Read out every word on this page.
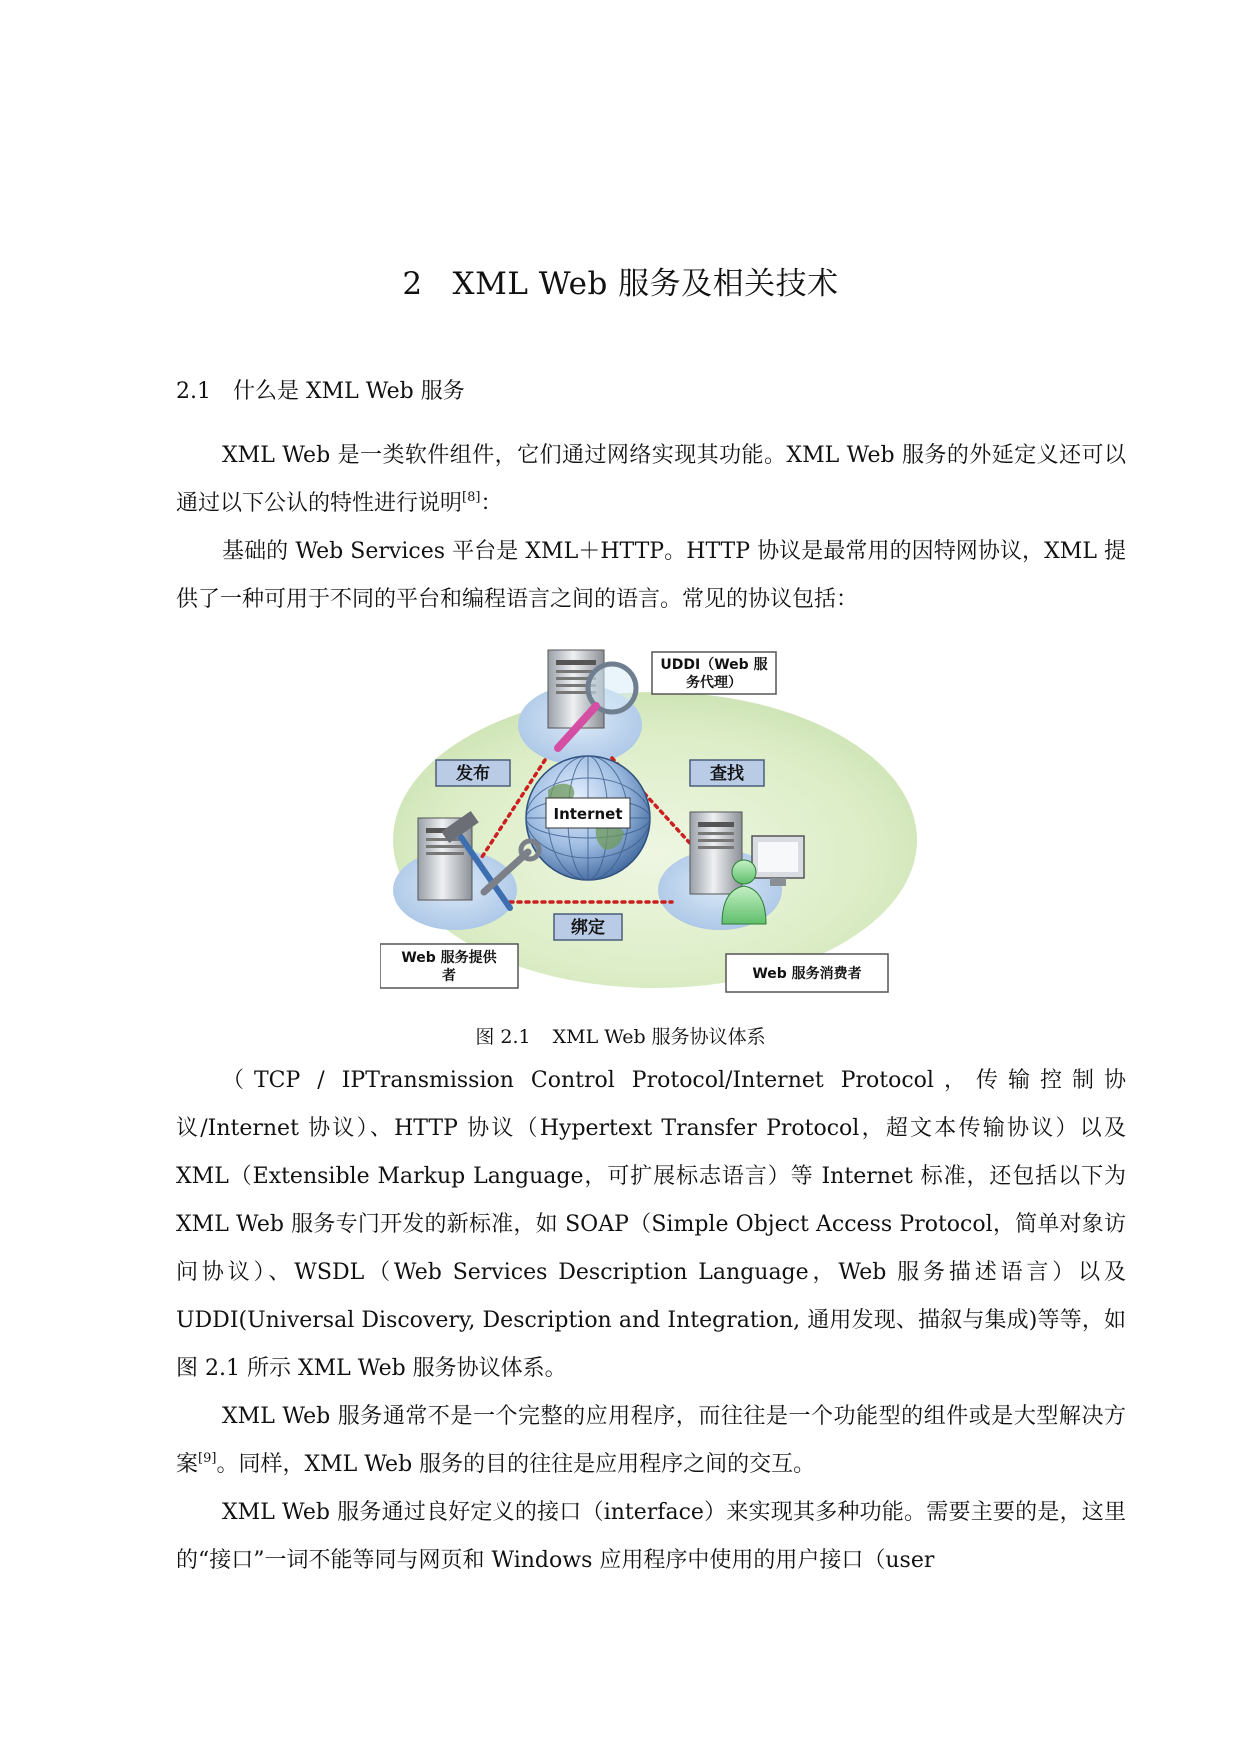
2 XML Web 服务及相关技术
2.1 什么是 XML Web 服务

XML Web 是一类软件组件，它们通过网络实现其功能。XML Web 服务的外延定义还可以通过以下公认的特性进行说明[8]：

基础的 Web Services 平台是 XML＋HTTP。HTTP 协议是最常用的因特网协议，XML 提供了一种可用于不同的平台和编程语言之间的语言。常见的协议包括：

Internet
UDDI（Web 服
务代理）
发布	查找
绑定
Web 服务提供
者	Web 服务消费者
图 2.1 XML Web 服务协议体系

（TCP / IPTransmission Control Protocol/Internet Protocol，传输控制协议/Internet 协议）、HTTP 协议（Hypertext Transfer Protocol，超文本传输协议）以及 XML（Extensible Markup Language，可扩展标志语言）等 Internet 标准，还包括以下为 XML Web 服务专门开发的新标准，如 SOAP（Simple Object Access Protocol，简单对象访问协议）、WSDL（Web Services Description Language，Web 服务描述语言）以及 UDDI(Universal Discovery, Description and Integration, 通用发现、描叙与集成)等等，如图 2.1 所示 XML Web 服务协议体系。

XML Web 服务通常不是一个完整的应用程序，而往往是一个功能型的组件或是大型解决方案[9]。同样，XML Web 服务的目的往往是应用程序之间的交互。

XML Web 服务通过良好定义的接口（interface）来实现其多种功能。需要主要的是，这里的“接口”一词不能等同与网页和 Windows 应用程序中使用的用户接口（user
